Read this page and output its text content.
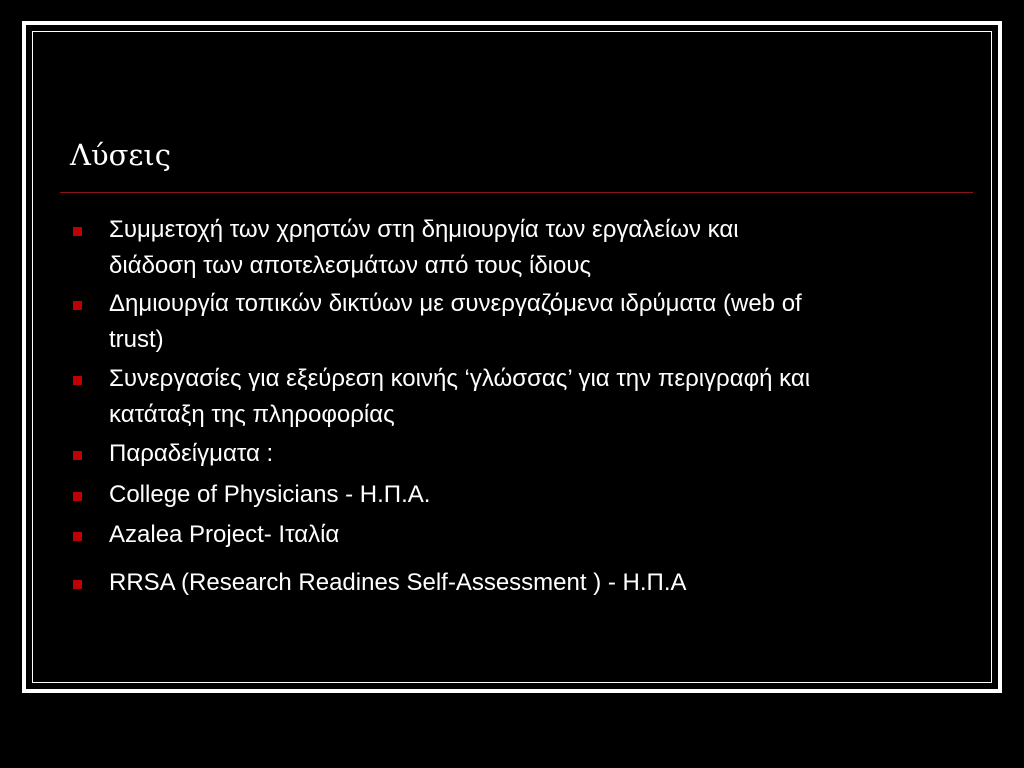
Λύσεις
Συμμετοχή των χρηστών στη δημιουργία των εργαλείων και
διάδοση των αποτελεσμάτων από τους ίδιους
Δημιουργία τοπικών δικτύων με συνεργαζόμενα ιδρύματα (web of
trust)
Συνεργασίες για εξεύρεση κοινής ‘γλώσσας’ για την περιγραφή και
κατάταξη της πληροφορίας
Παραδείγματα :
College of Physicians - Η.Π.Α.
Azalea Project- Ιταλία
RRSA (Research Readines Self-Assessment ) - Η.Π.Α
